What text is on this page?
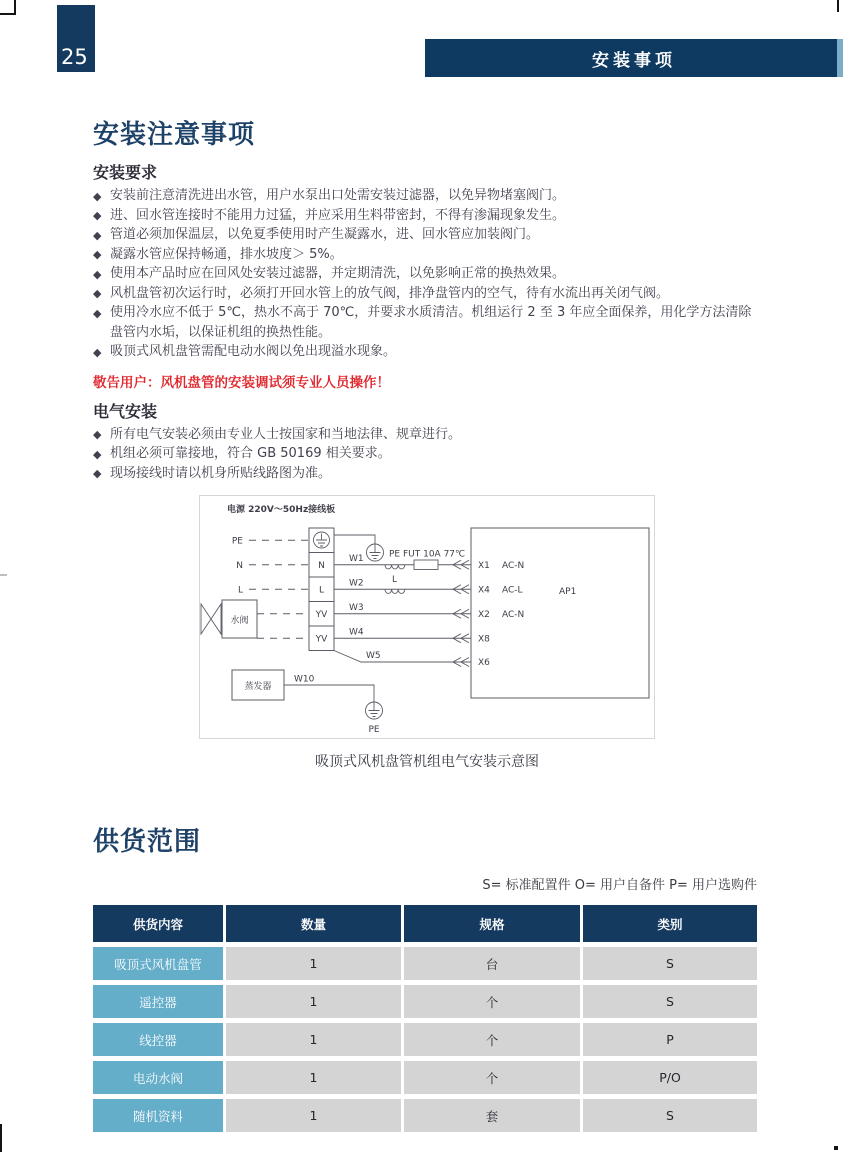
25	安装事项
安装注意事项
安装要求
◆ 安装前注意清洗进出水管，用户水泵出口处需安装过滤器，以免异物堵塞阀门。
◆ 进、回水管连接时不能用力过猛，并应采用生料带密封，不得有渗漏现象发生。
◆ 管道必须加保温层，以免夏季使用时产生凝露水，进、回水管应加装阀门。
◆ 凝露水管应保持畅通，排水坡度＞ 5%。
◆ 使用本产品时应在回风处安装过滤器，并定期清洗，以免影响正常的换热效果。
◆ 风机盘管初次运行时，必须打开回水管上的放气阀，排净盘管内的空气，待有水流出再关闭气阀。
◆ 使用冷水应不低于 5℃，热水不高于 70℃，并要求水质清洁。机组运行 2 至 3 年应全面保养，用化学方法清除盘管内水垢，以保证机组的换热性能。
◆ 吸顶式风机盘管需配电动水阀以免出现溢水现象。

敬告用户：风机盘管的安装调试须专业人员操作！

电气安装
◆ 所有电气安装必须由专业人士按国家和当地法律、规章进行。
◆ 机组必须可靠接地，符合 GB 50169 相关要求。
◆ 现场接线时请以机身所贴线路图为准。
电源 220V～50Hz接线板
PE
N
L
N
L
YV
YV
PE FUT 10A 77℃
L
W1
W2
W3
W4
W5
X1 AC-N
X4 AC-L
X2 AC-N
X8
X6
AP1
水阀
蒸发器
W10
PE
吸顶式风机盘管机组电气安装示意图
供货范围

S= 标准配置件 O= 用户自备件 P= 用户选购件

供货内容	数量	规格	类别
吸顶式风机盘管	1	台	S
遥控器	1	个	S
线控器	1	个	P
电动水阀	1	个	P/O
随机资料	1	套	S
